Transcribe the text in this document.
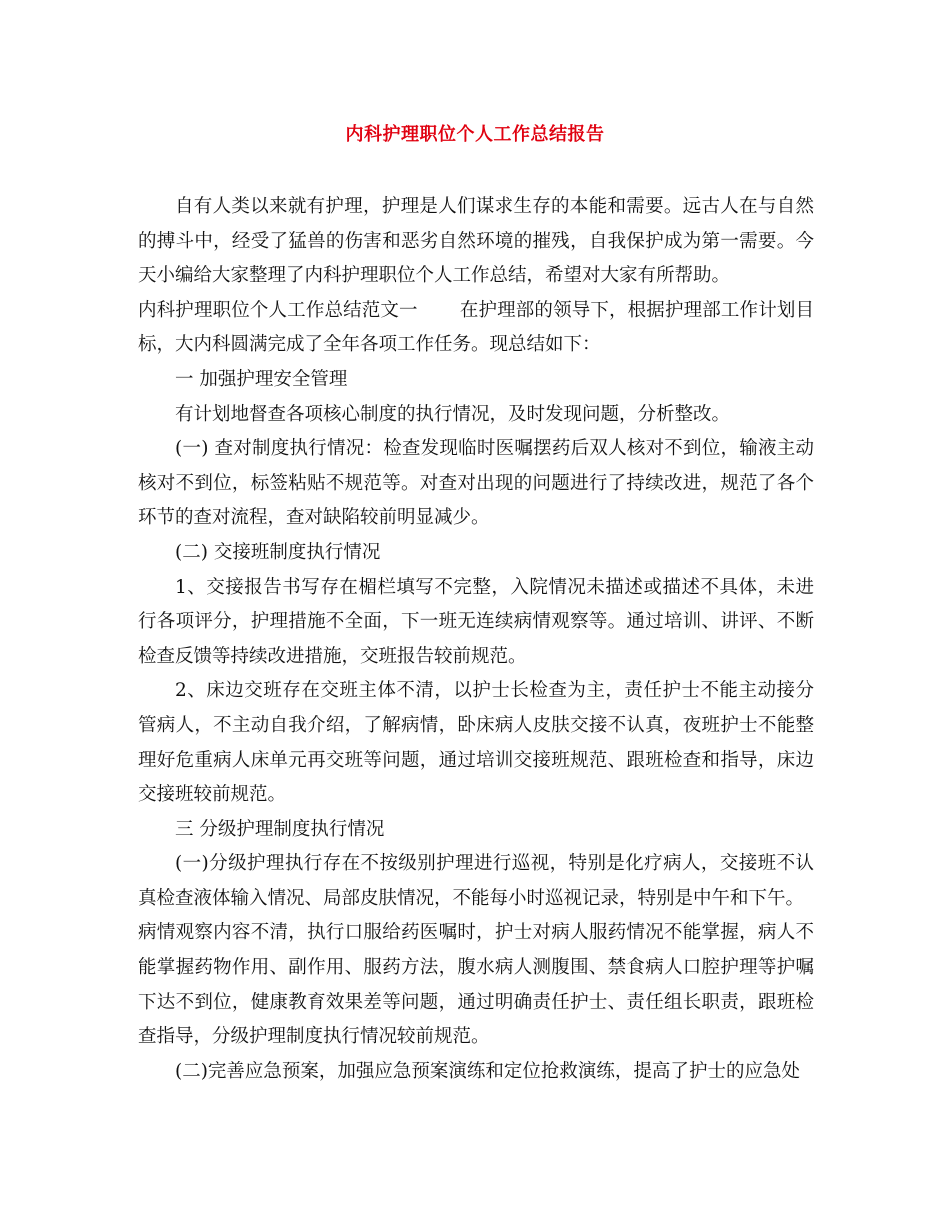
内科护理职位个人工作总结报告

自有人类以来就有护理，护理是人们谋求生存的本能和需要。远古人在与自然的搏斗中，经受了猛兽的伤害和恶劣自然环境的摧残，自我保护成为第一需要。今天小编给大家整理了内科护理职位个人工作总结，希望对大家有所帮助。

内科护理职位个人工作总结范文一 在护理部的领导下，根据护理部工作计划目标，大内科圆满完成了全年各项工作任务。现总结如下：

一 加强护理安全管理

有计划地督查各项核心制度的执行情况，及时发现问题，分析整改。

(一) 查对制度执行情况：检查发现临时医嘱摆药后双人核对不到位，输液主动核对不到位，标签粘贴不规范等。对查对出现的问题进行了持续改进，规范了各个环节的查对流程，查对缺陷较前明显减少。

(二) 交接班制度执行情况

1、交接报告书写存在楣栏填写不完整，入院情况未描述或描述不具体，未进行各项评分，护理措施不全面，下一班无连续病情观察等。通过培训、讲评、不断检查反馈等持续改进措施，交班报告较前规范。

2、床边交班存在交班主体不清，以护士长检查为主，责任护士不能主动接分管病人，不主动自我介绍，了解病情，卧床病人皮肤交接不认真，夜班护士不能整理好危重病人床单元再交班等问题，通过培训交接班规范、跟班检查和指导，床边交接班较前规范。

三 分级护理制度执行情况

(一)分级护理执行存在不按级别护理进行巡视，特别是化疗病人，交接班不认真检查液体输入情况、局部皮肤情况，不能每小时巡视记录，特别是中午和下午。

病情观察内容不清，执行口服给药医嘱时，护士对病人服药情况不能掌握，病人不能掌握药物作用、副作用、服药方法，腹水病人测腹围、禁食病人口腔护理等护嘱下达不到位，健康教育效果差等问题，通过明确责任护士、责任组长职责，跟班检查指导，分级护理制度执行情况较前规范。

(二)完善应急预案，加强应急预案演练和定位抢救演练，提高了护士的应急处
